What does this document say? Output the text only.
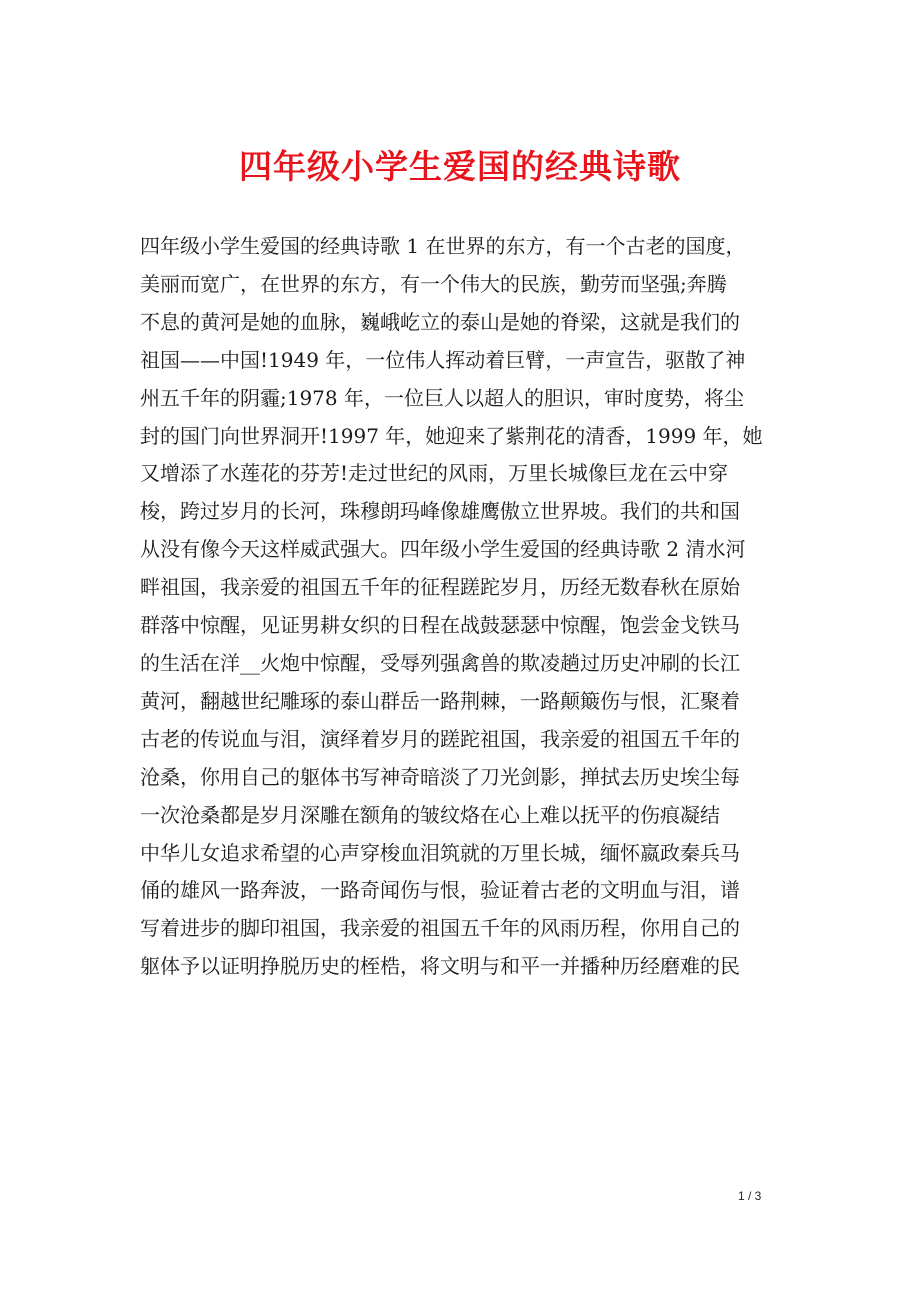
四年级小学生爱国的经典诗歌
四年级小学生爱国的经典诗歌 1 在世界的东方，有一个古老的国度，
美丽而宽广，在世界的东方，有一个伟大的民族，勤劳而坚强;奔腾
不息的黄河是她的血脉，巍峨屹立的泰山是她的脊梁，这就是我们的
祖国——中国!1949 年，一位伟人挥动着巨臂，一声宣告，驱散了神
州五千年的阴霾;1978 年，一位巨人以超人的胆识，审时度势，将尘
封的国门向世界洞开!1997 年，她迎来了紫荆花的清香，1999 年，她
又增添了水莲花的芬芳!走过世纪的风雨，万里长城像巨龙在云中穿
梭，跨过岁月的长河，珠穆朗玛峰像雄鹰傲立世界坡。我们的共和国
从没有像今天这样威武强大。四年级小学生爱国的经典诗歌 2 清水河
畔祖国，我亲爱的祖国五千年的征程蹉跎岁月，历经无数春秋在原始
群落中惊醒，见证男耕女织的日程在战鼓瑟瑟中惊醒，饱尝金戈铁马
的生活在洋__火炮中惊醒，受辱列强禽兽的欺凌趟过历史冲刷的长江
黄河，翻越世纪雕琢的泰山群岳一路荆棘，一路颠簸伤与恨，汇聚着
古老的传说血与泪，演绎着岁月的蹉跎祖国，我亲爱的祖国五千年的
沧桑，你用自己的躯体书写神奇暗淡了刀光剑影，掸拭去历史埃尘每
一次沧桑都是岁月深雕在额角的皱纹烙在心上难以抚平的伤痕凝结
中华儿女追求希望的心声穿梭血泪筑就的万里长城，缅怀嬴政秦兵马
俑的雄风一路奔波，一路奇闻伤与恨，验证着古老的文明血与泪，谱
写着进步的脚印祖国，我亲爱的祖国五千年的风雨历程，你用自己的
躯体予以证明挣脱历史的桎梏，将文明与和平一并播种历经磨难的民
1 / 3
